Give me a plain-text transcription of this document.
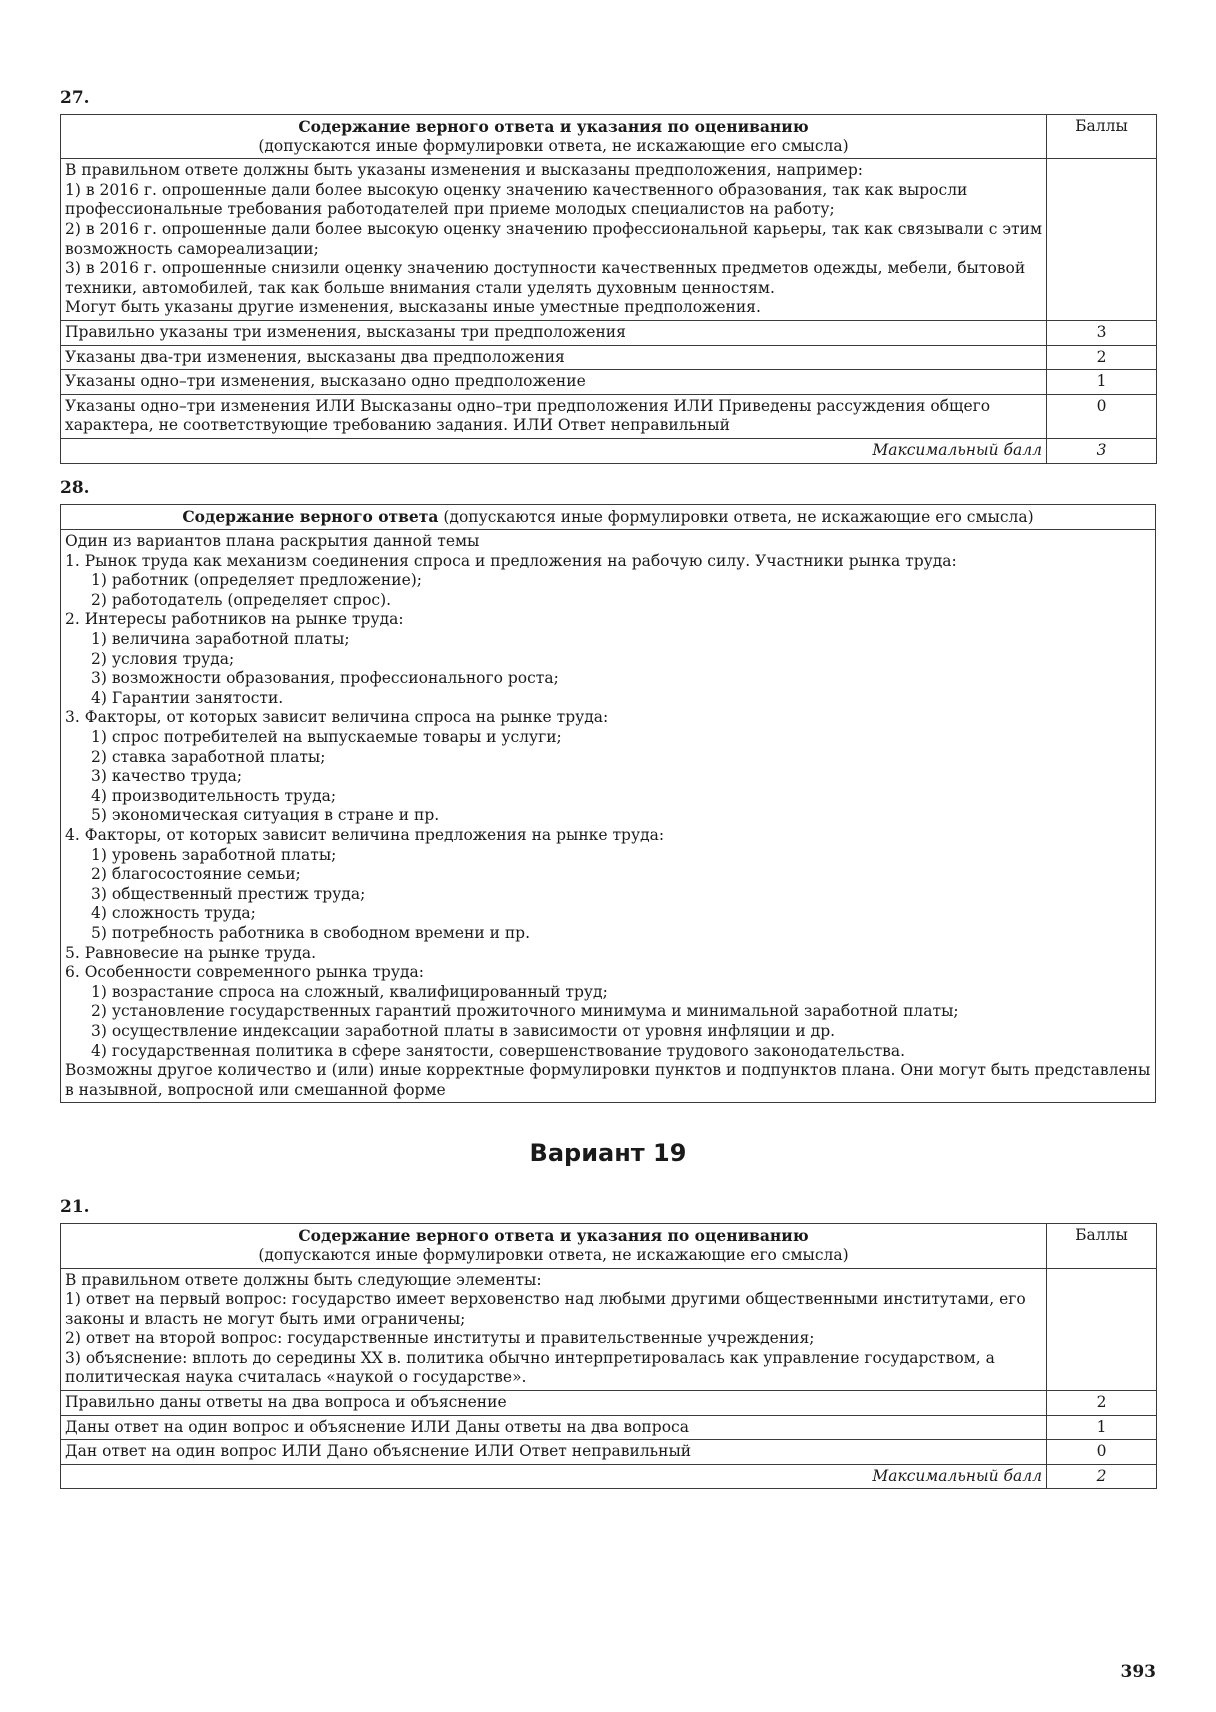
27.
Содержание верного ответа и указания по оцениванию
(допускаются иные формулировки ответа, не искажающие его смысла)	Баллы

В правильном ответе должны быть указаны изменения и высказаны предположения, например:
1) в 2016 г. опрошенные дали более высокую оценку значению качественного образования, так как выросли профессиональные требования работодателей при приеме молодых специалистов на работу;
2) в 2016 г. опрошенные дали более высокую оценку значению профессиональной карьеры, так как связывали с этим возможность самореализации;
3) в 2016 г. опрошенные снизили оценку значению доступности качественных предметов одежды, мебели, бытовой техники, автомобилей, так как больше внимания стали уделять духовным ценностям.
Могут быть указаны другие изменения, высказаны иные уместные предположения.	

Правильно указаны три изменения, высказаны три предположения	3
Указаны два-три изменения, высказаны два предположения	2
Указаны одно–три изменения, высказано одно предположение	1
Указаны одно–три изменения ИЛИ Высказаны одно–три предположения ИЛИ Приведены рассуждения общего характера, не соответствующие требованию задания. ИЛИ Ответ неправильный	0
Максимальный балл	3
28.
Содержание верного ответа (допускаются иные формулировки ответа, не искажающие его смысла)

Один из вариантов плана раскрытия данной темы
1. Рынок труда как механизм соединения спроса и предложения на рабочую силу. Участники рынка труда:
1) работник (определяет предложение);
2) работодатель (определяет спрос).
2. Интересы работников на рынке труда:
1) величина заработной платы;
2) условия труда;
3) возможности образования, профессионального роста;
4) Гарантии занятости.
3. Факторы, от которых зависит величина спроса на рынке труда:
1) спрос потребителей на выпускаемые товары и услуги;
2) ставка заработной платы;
3) качество труда;
4) производительность труда;
5) экономическая ситуация в стране и пр.
4. Факторы, от которых зависит величина предложения на рынке труда:
1) уровень заработной платы;
2) благосостояние семьи;
3) общественный престиж труда;
4) сложность труда;
5) потребность работника в свободном времени и пр.
5. Равновесие на рынке труда.
6. Особенности современного рынка труда:
1) возрастание спроса на сложный, квалифицированный труд;
2) установление государственных гарантий прожиточного минимума и минимальной заработной платы;
3) осуществление индексации заработной платы в зависимости от уровня инфляции и др.
4) государственная политика в сфере занятости, совершенствование трудового законодательства.
Возможны другое количество и (или) иные корректные формулировки пунктов и подпунктов плана. Они могут быть представлены в назывной, вопросной или смешанной форме
Вариант 19
21.
Содержание верного ответа и указания по оцениванию
(допускаются иные формулировки ответа, не искажающие его смысла)	Баллы

В правильном ответе должны быть следующие элементы:
1) ответ на первый вопрос: государство имеет верховенство над любыми другими общественными институтами, его законы и власть не могут быть ими ограничены;
2) ответ на второй вопрос: государственные институты и правительственные учреждения;
3) объяснение: вплоть до середины XX в. политика обычно интерпретировалась как управление государством, а политическая наука считалась «наукой о государстве».	

Правильно даны ответы на два вопроса и объяснение	2
Даны ответ на один вопрос и объяснение ИЛИ Даны ответы на два вопроса	1
Дан ответ на один вопрос ИЛИ Дано объяснение ИЛИ Ответ неправильный	0
Максимальный балл	2
393
